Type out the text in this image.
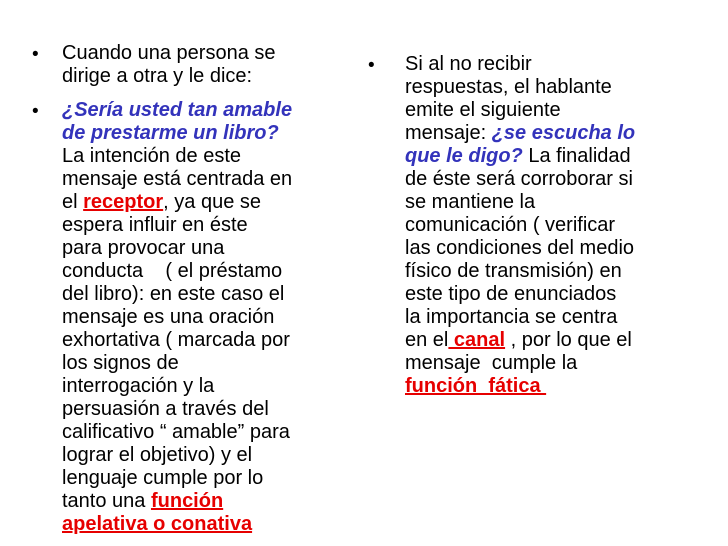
• Cuando una persona se
dirige a otra y le dice:
• ¿Sería usted tan amable
de prestarme un libro?
La intención de este
mensaje está centrada en
el receptor, ya que se
espera influir en éste
para provocar una
conducta    ( el préstamo
del libro): en este caso el
mensaje es una oración
exhortativa ( marcada por
los signos de
interrogación y la
persuasión a través del
calificativo “ amable” para
lograr el objetivo) y el
lenguaje cumple por lo
tanto una función
apelativa o conativa
• Si al no recibir
respuestas, el hablante
emite el siguiente
mensaje: ¿se escucha lo
que le digo? La finalidad
de éste será corroborar si
se mantiene la
comunicación ( verificar
las condiciones del medio
físico de transmisión) en
este tipo de enunciados
la importancia se centra
en el canal , por lo que el
mensaje  cumple la
función  fática
